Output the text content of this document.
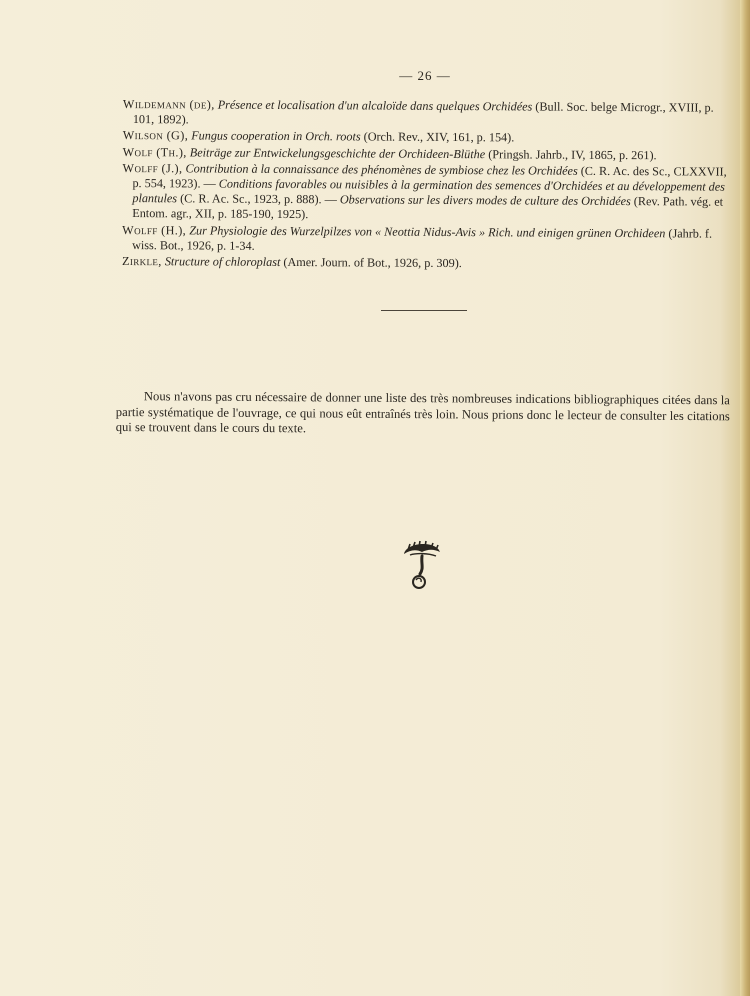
— 26 —

Wildemann (de), Présence et localisation d'un alcaloïde dans quelques Orchidées (Bull. Soc. belge Microgr., XVIII, p. 101, 1892).

Wilson (G), Fungus cooperation in Orch. roots (Orch. Rev., XIV, 161, p. 154).

Wolf (Th.), Beiträge zur Entwickelungsgeschichte der Orchideen-Blüthe (Pringsh. Jahrb., IV, 1865, p. 261).

Wolff (J.), Contribution à la connaissance des phénomènes de symbiose chez les Orchidées (C. R. Ac. des Sc., CLXXVII, p. 554, 1923). — Conditions favorables ou nuisibles à la germination des semences d'Orchidées et au développement des plantules (C. R. Ac. Sc., 1923, p. 888). — Observations sur les divers modes de culture des Orchidées (Rev. Path. vég. et Entom. agr., XII, p. 185-190, 1925).

Wolff (H.), Zur Physiologie des Wurzelpilzes von « Neottia Nidus-Avis » Rich. und einigen grünen Orchideen (Jahrb. f. wiss. Bot., 1926, p. 1-34.

Zirkle, Structure of chloroplast (Amer. Journ. of Bot., 1926, p. 309).

Nous n'avons pas cru nécessaire de donner une liste des très nombreuses indications bibliographiques citées dans la partie systématique de l'ouvrage, ce qui nous eût entraînés très loin. Nous prions donc le lecteur de consulter les citations qui se trouvent dans le cours du texte.
